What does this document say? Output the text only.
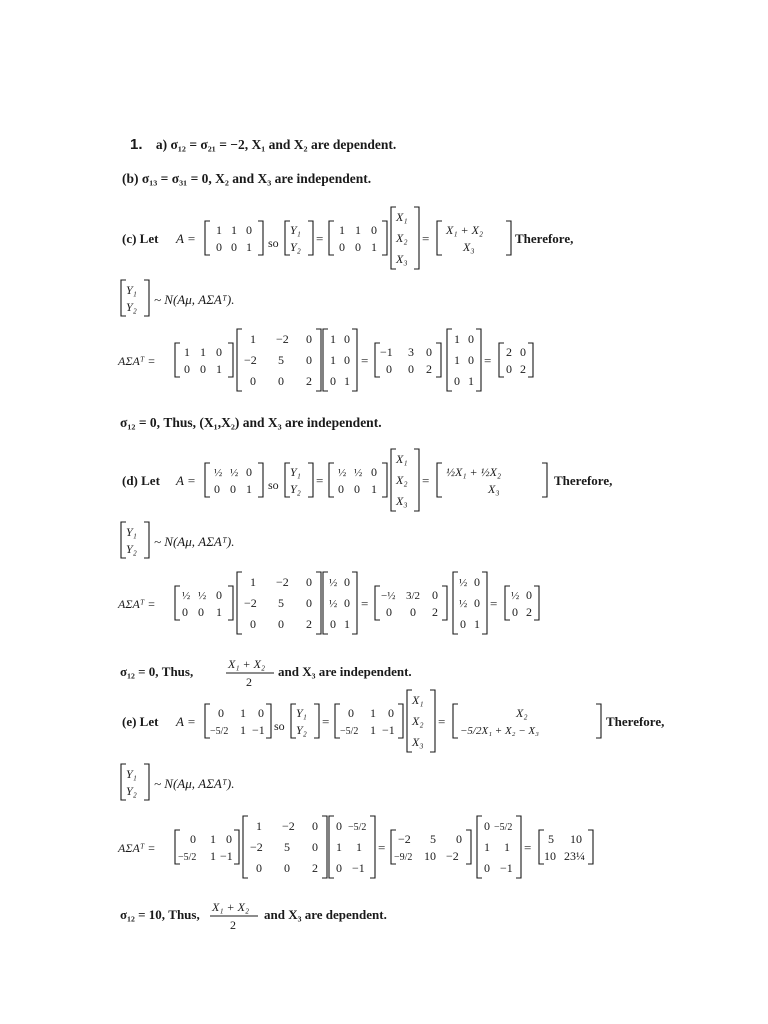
1. a) σ₁₂ = σ₂₁ = −2, X₁ and X₂ are dependent.
(b) σ₁₃ = σ₃₁ = 0, X₂ and X₃ are independent.
(c) Let A =
1 1 0
0 0 1 so
Y₁
Y₂
=
1 1 0
0 0 1
X₁
X₂
X₃
=
X₁ + X₂
X₃
Therefore,
Y₁
Y₂ ~ N(Aμ, AΣAᵀ).
AΣAᵀ =
1 1 0
0 0 1
1 −2 0
−2 5 0
0 0 2
1 0
1 0
0 1
=
−1 3 0
0 0 2
1 0
1 0
0 1
=
2 0
0 2
σ₁₂ = 0, Thus, (X₁,X₂) and X₃ are independent.
(d) Let A = ½ ½ 0
0 0 1 so
Y₁
Y₂
= ½ ½ 0
0 0 1
X₁
X₂
X₃
=
½X₁ + ½X₂
X₃
Therefore,
Y₁
Y₂ ~ N(Aμ, AΣAᵀ).
AΣAᵀ =
½ ½ 0
0 0 1
1 −2 0
−2 5 0
0 0 2
½ 0
½ 0
0 1
= −½ 3/2 0
0 0 2
½ 0
½ 0
0 1
= ½ 0
0 2
σ₁₂ = 0, Thus,	X₁ + X₂
2
and X₃ are independent.
(e) Let A =
0 1 0
−5/2 1 −1 so
Y₁
Y₂
=
0 1 0
−5/2 1 −1
X₁
X₂
X₃
=
X₂
−5/2X₁ + X₂ − X₃
Therefore,
Y₁
Y₂ ~ N(Aμ, AΣAᵀ).
AΣAᵀ =
0 1 0
−5/2 1 −1
1 −2 0
−2 5 0
0 0 2
0 −5/2
1 1
0 −1
=
−2 5 0
−9/2 10 −2
0 −5/2
1 1
0 −1
=
5 10
10 23¼
σ₁₂ = 10, Thus, X₁ + X₂
2
and X₃ are dependent.
